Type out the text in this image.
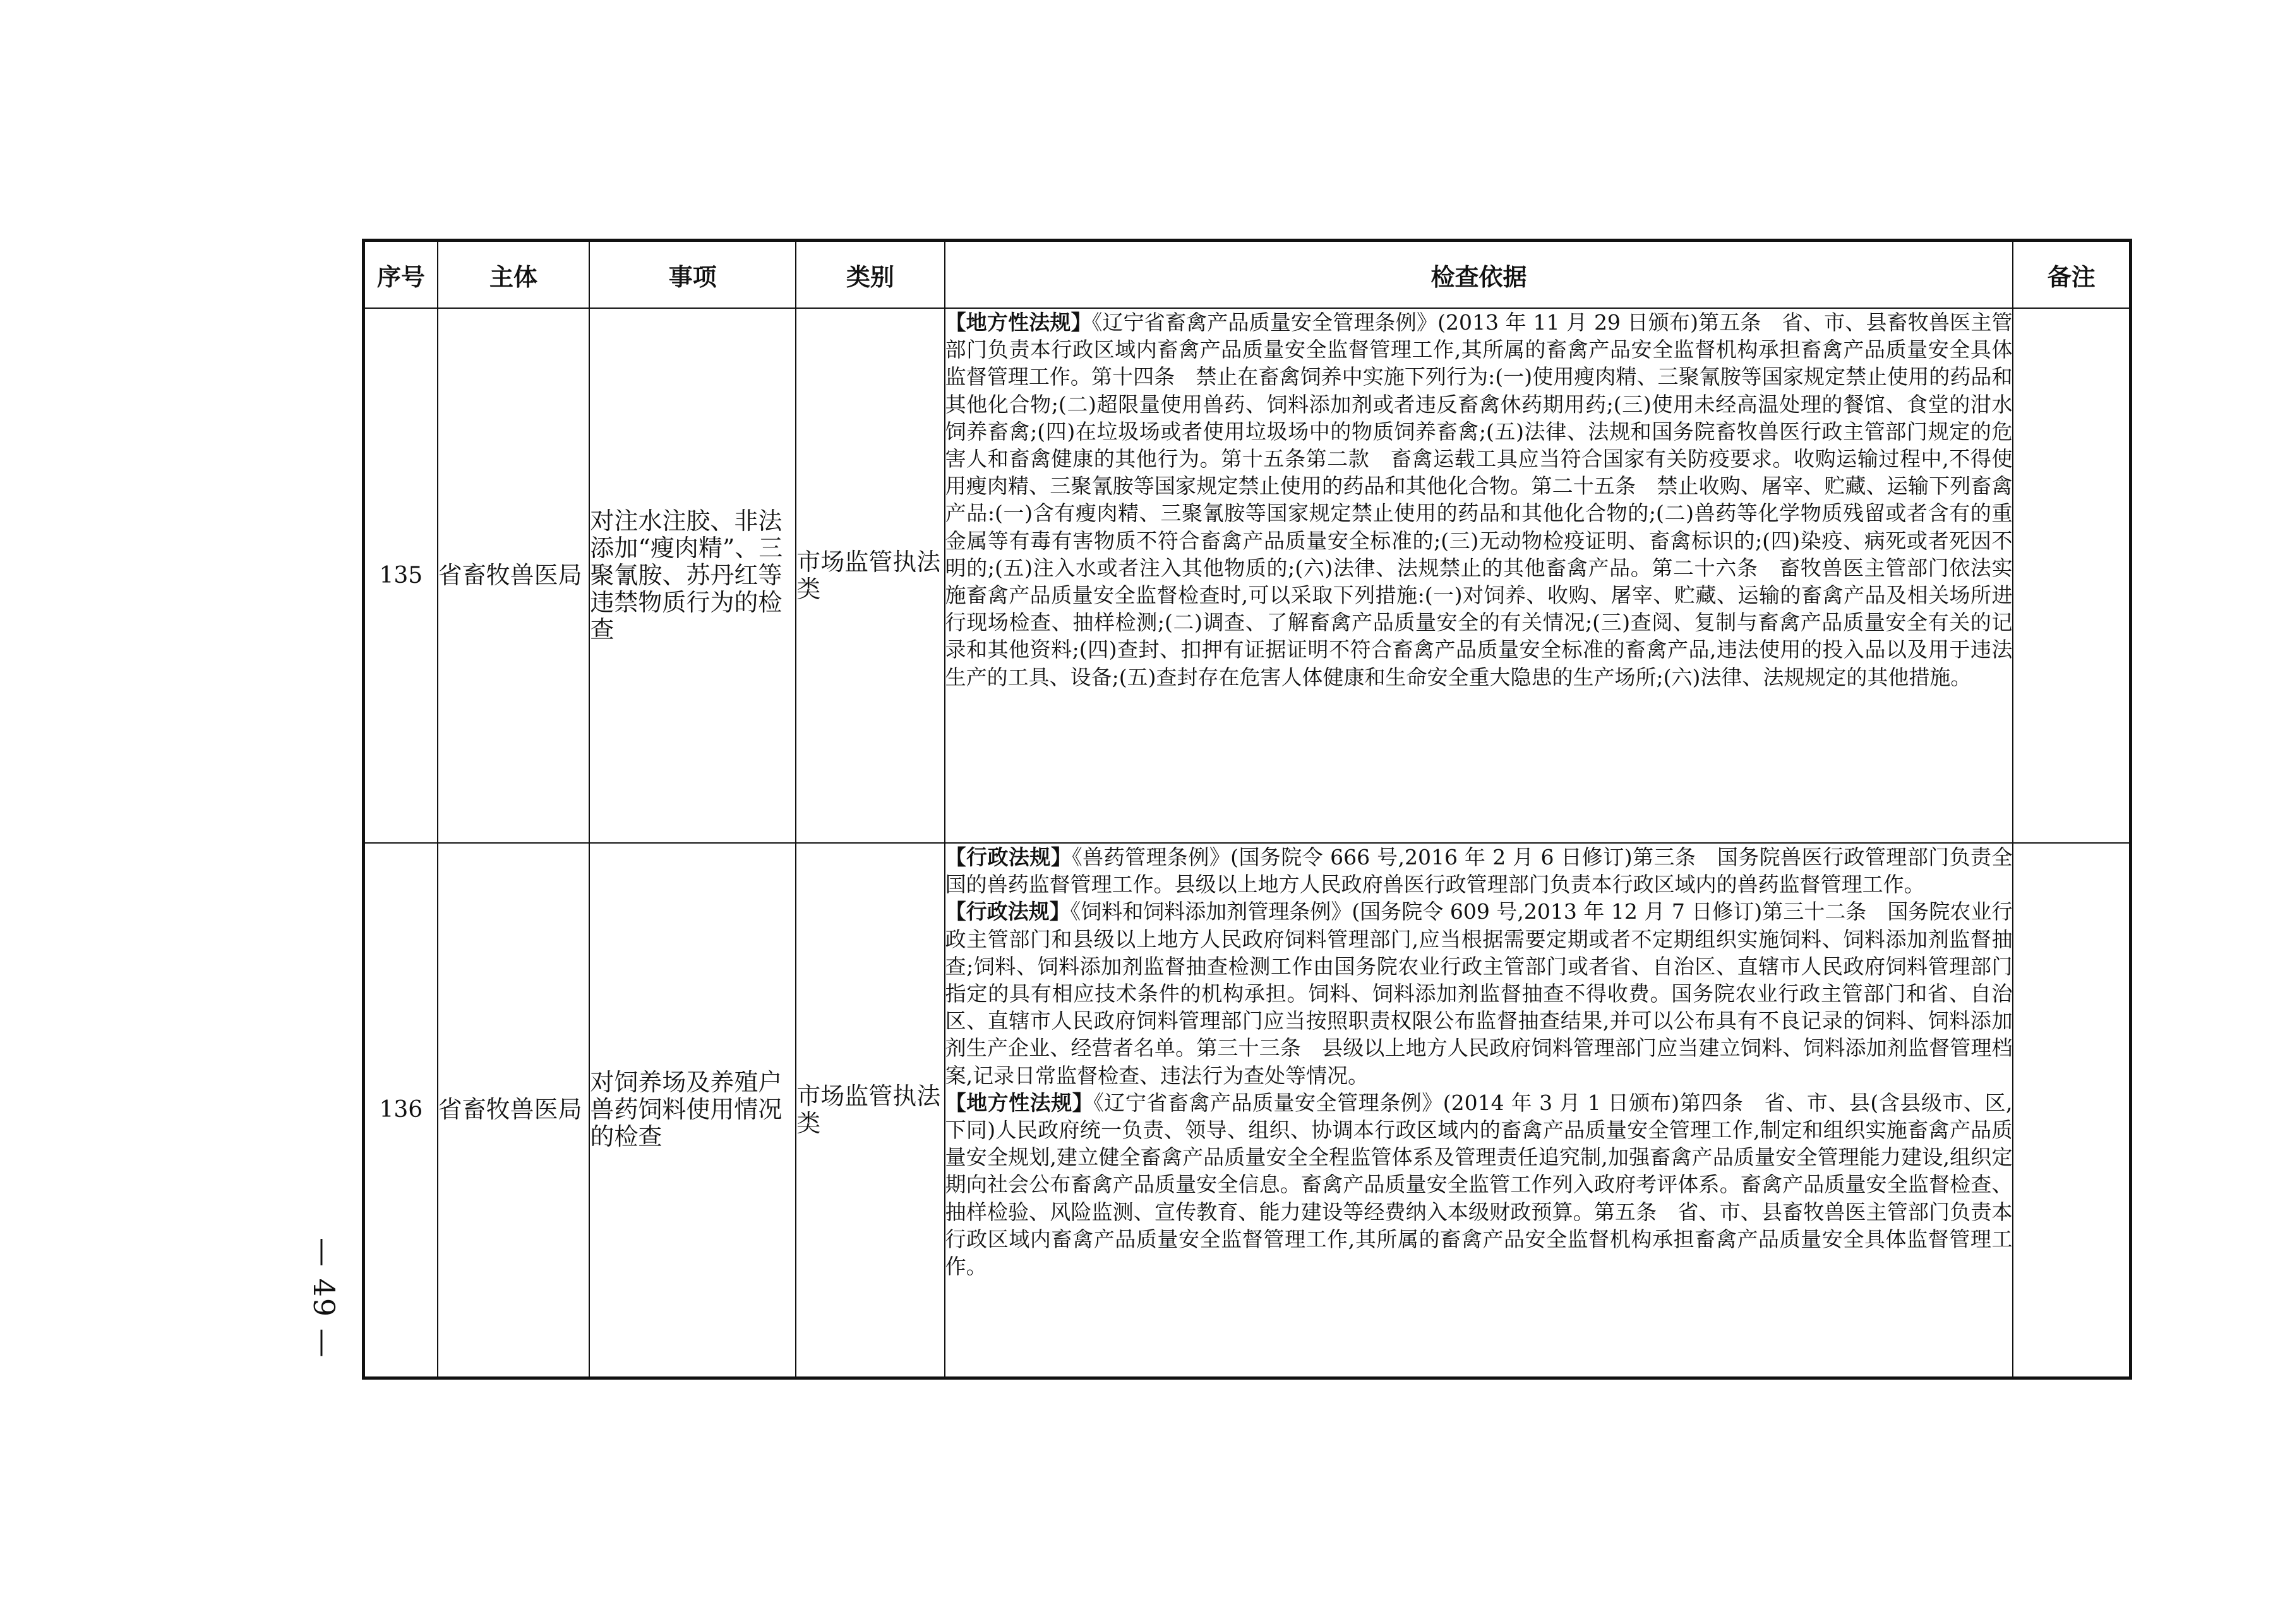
序号	主体	事项	类别	检查依据	备注
135	省畜牧兽医局	对注水注胶、非法添加“瘦肉精”、三聚氰胺、苏丹红等违禁物质行为的检查	市场监管执法类	【地方性法规】《辽宁省畜禽产品质量安全管理条例》(2013 年 11 月 29 日颁布)第五条　省、市、县畜牧兽医主管部门负责本行政区域内畜禽产品质量安全监督管理工作,其所属的畜禽产品安全监督机构承担畜禽产品质量安全具体监督管理工作。第十四条　禁止在畜禽饲养中实施下列行为:(一)使用瘦肉精、三聚氰胺等国家规定禁止使用的药品和其他化合物;(二)超限量使用兽药、饲料添加剂或者违反畜禽休药期用药;(三)使用未经高温处理的餐馆、食堂的泔水饲养畜禽;(四)在垃圾场或者使用垃圾场中的物质饲养畜禽;(五)法律、法规和国务院畜牧兽医行政主管部门规定的危害人和畜禽健康的其他行为。第十五条第二款　畜禽运载工具应当符合国家有关防疫要求。收购运输过程中,不得使用瘦肉精、三聚氰胺等国家规定禁止使用的药品和其他化合物。第二十五条　禁止收购、屠宰、贮藏、运输下列畜禽产品:(一)含有瘦肉精、三聚氰胺等国家规定禁止使用的药品和其他化合物的;(二)兽药等化学物质残留或者含有的重金属等有毒有害物质不符合畜禽产品质量安全标准的;(三)无动物检疫证明、畜禽标识的;(四)染疫、病死或者死因不明的;(五)注入水或者注入其他物质的;(六)法律、法规禁止的其他畜禽产品。第二十六条　畜牧兽医主管部门依法实施畜禽产品质量安全监督检查时,可以采取下列措施:(一)对饲养、收购、屠宰、贮藏、运输的畜禽产品及相关场所进行现场检查、抽样检测;(二)调查、了解畜禽产品质量安全的有关情况;(三)查阅、复制与畜禽产品质量安全有关的记录和其他资料;(四)查封、扣押有证据证明不符合畜禽产品质量安全标准的畜禽产品,违法使用的投入品以及用于违法生产的工具、设备;(五)查封存在危害人体健康和生命安全重大隐患的生产场所;(六)法律、法规规定的其他措施。	

136	省畜牧兽医局	对饲养场及养殖户兽药饲料使用情况的检查	市场监管执法类	【行政法规】《兽药管理条例》(国务院令 666 号,2016 年 2 月 6 日修订)第三条　国务院兽医行政管理部门负责全国的兽药监督管理工作。县级以上地方人民政府兽医行政管理部门负责本行政区域内的兽药监督管理工作。

【行政法规】《饲料和饲料添加剂管理条例》(国务院令 609 号,2013 年 12 月 7 日修订)第三十二条　国务院农业行政主管部门和县级以上地方人民政府饲料管理部门,应当根据需要定期或者不定期组织实施饲料、饲料添加剂监督抽查;饲料、饲料添加剂监督抽查检测工作由国务院农业行政主管部门或者省、自治区、直辖市人民政府饲料管理部门指定的具有相应技术条件的机构承担。饲料、饲料添加剂监督抽查不得收费。国务院农业行政主管部门和省、自治区、直辖市人民政府饲料管理部门应当按照职责权限公布监督抽查结果,并可以公布具有不良记录的饲料、饲料添加剂生产企业、经营者名单。第三十三条　县级以上地方人民政府饲料管理部门应当建立饲料、饲料添加剂监督管理档案,记录日常监督检查、违法行为查处等情况。

【地方性法规】《辽宁省畜禽产品质量安全管理条例》(2014 年 3 月 1 日颁布)第四条　省、市、县(含县级市、区,下同)人民政府统一负责、领导、组织、协调本行政区域内的畜禽产品质量安全管理工作,制定和组织实施畜禽产品质量安全规划,建立健全畜禽产品质量安全全程监管体系及管理责任追究制,加强畜禽产品质量安全管理能力建设,组织定期向社会公布畜禽产品质量安全信息。畜禽产品质量安全监管工作列入政府考评体系。畜禽产品质量安全监督检查、抽样检验、风险监测、宣传教育、能力建设等经费纳入本级财政预算。第五条　省、市、县畜牧兽医主管部门负责本行政区域内畜禽产品质量安全监督管理工作,其所属的畜禽产品安全监督机构承担畜禽产品质量安全具体监督管理工作。	

— 49 —
